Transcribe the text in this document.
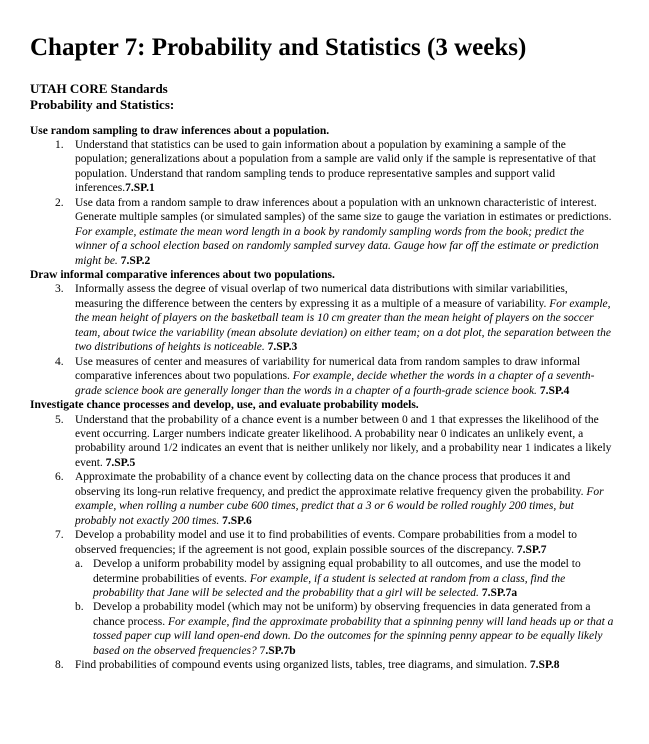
Chapter 7: Probability and Statistics (3 weeks)
UTAH CORE Standards
Probability and Statistics:
Use random sampling to draw inferences about a population.
1. Understand that statistics can be used to gain information about a population by examining a sample of the population; generalizations about a population from a sample are valid only if the sample is representative of that population. Understand that random sampling tends to produce representative samples and support valid inferences.7.SP.1
2. Use data from a random sample to draw inferences about a population with an unknown characteristic of interest. Generate multiple samples (or simulated samples) of the same size to gauge the variation in estimates or predictions. For example, estimate the mean word length in a book by randomly sampling words from the book; predict the winner of a school election based on randomly sampled survey data. Gauge how far off the estimate or prediction might be. 7.SP.2
Draw informal comparative inferences about two populations.
3. Informally assess the degree of visual overlap of two numerical data distributions with similar variabilities, measuring the difference between the centers by expressing it as a multiple of a measure of variability. For example, the mean height of players on the basketball team is 10 cm greater than the mean height of players on the soccer team, about twice the variability (mean absolute deviation) on either team; on a dot plot, the separation between the two distributions of heights is noticeable. 7.SP.3
4. Use measures of center and measures of variability for numerical data from random samples to draw informal comparative inferences about two populations. For example, decide whether the words in a chapter of a seventh-grade science book are generally longer than the words in a chapter of a fourth-grade science book. 7.SP.4
Investigate chance processes and develop, use, and evaluate probability models.
5. Understand that the probability of a chance event is a number between 0 and 1 that expresses the likelihood of the event occurring. Larger numbers indicate greater likelihood. A probability near 0 indicates an unlikely event, a probability around 1/2 indicates an event that is neither unlikely nor likely, and a probability near 1 indicates a likely event. 7.SP.5
6. Approximate the probability of a chance event by collecting data on the chance process that produces it and observing its long-run relative frequency, and predict the approximate relative frequency given the probability. For example, when rolling a number cube 600 times, predict that a 3 or 6 would be rolled roughly 200 times, but probably not exactly 200 times. 7.SP.6
7. Develop a probability model and use it to find probabilities of events. Compare probabilities from a model to observed frequencies; if the agreement is not good, explain possible sources of the discrepancy. 7.SP.7
a. Develop a uniform probability model by assigning equal probability to all outcomes, and use the model to determine probabilities of events. For example, if a student is selected at random from a class, find the probability that Jane will be selected and the probability that a girl will be selected. 7.SP.7a
b. Develop a probability model (which may not be uniform) by observing frequencies in data generated from a chance process. For example, find the approximate probability that a spinning penny will land heads up or that a tossed paper cup will land open-end down. Do the outcomes for the spinning penny appear to be equally likely based on the observed frequencies? 7.SP.7b
8. Find probabilities of compound events using organized lists, tables, tree diagrams, and simulation. 7.SP.8
